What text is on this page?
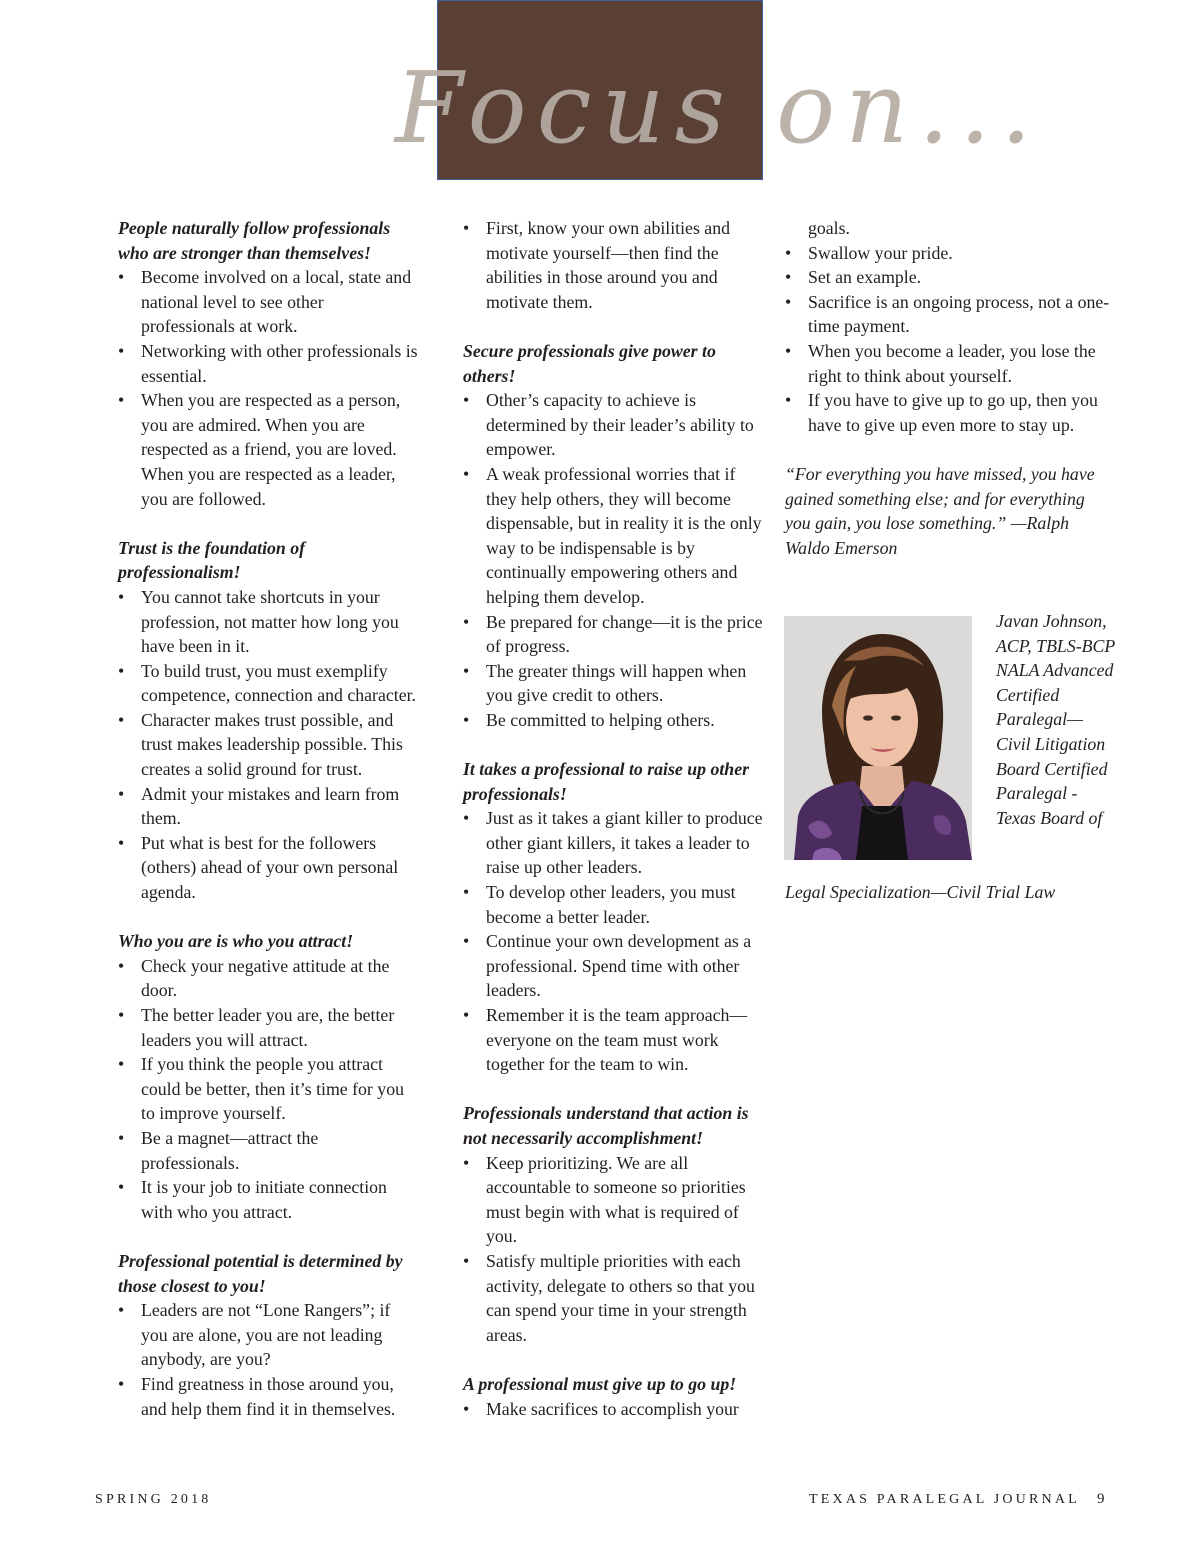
Focus on...
People naturally follow professionals who are stronger than themselves!
• Become involved on a local, state and national level to see other professionals at work.
• Networking with other professionals is essential.
• When you are respected as a person, you are admired. When you are respected as a friend, you are loved. When you are respected as a leader, you are followed.
Trust is the foundation of professionalism!
• You cannot take shortcuts in your profession, not matter how long you have been in it.
• To build trust, you must exemplify competence, connection and character.
• Character makes trust possible, and trust makes leadership possible. This creates a solid ground for trust.
• Admit your mistakes and learn from them.
• Put what is best for the followers (others) ahead of your own personal agenda.
Who you are is who you attract!
• Check your negative attitude at the door.
• The better leader you are, the better leaders you will attract.
• If you think the people you attract could be better, then it’s time for you to improve yourself.
• Be a magnet—attract the professionals.
• It is your job to initiate connection with who you attract.
Professional potential is determined by those closest to you!
• Leaders are not “Lone Rangers”; if you are alone, you are not leading anybody, are you?
• Find greatness in those around you, and help them find it in themselves.
• First, know your own abilities and motivate yourself—then find the abilities in those around you and motivate them.
Secure professionals give power to others!
• Other’s capacity to achieve is determined by their leader’s ability to empower.
• A weak professional worries that if they help others, they will become dispensable, but in reality it is the only way to be indispensable is by continually empowering others and helping them develop.
• Be prepared for change—it is the price of progress.
• The greater things will happen when you give credit to others.
• Be committed to helping others.
It takes a professional to raise up other professionals!
• Just as it takes a giant killer to produce other giant killers, it takes a leader to raise up other leaders.
• To develop other leaders, you must become a better leader.
• Continue your own development as a professional. Spend time with other leaders.
• Remember it is the team approach—everyone on the team must work together for the team to win.
Professionals understand that action is not necessarily accomplishment!
• Keep prioritizing. We are all accountable to someone so priorities must begin with what is required of you.
• Satisfy multiple priorities with each activity, delegate to others so that you can spend your time in your strength areas.
A professional must give up to go up!
• Make sacrifices to accomplish your
goals.
• Swallow your pride.
• Set an example.
• Sacrifice is an ongoing process, not a one-time payment.
• When you become a leader, you lose the right to think about yourself.
• If you have to give up to go up, then you have to give up even more to stay up.
“For everything you have missed, you have gained something else; and for everything you gain, you lose something.” —Ralph Waldo Emerson
Javan Johnson, ACP, TBLS-BCP NALA Advanced Certified Paralegal—Civil Litigation Board Certified Paralegal - Texas Board of
Legal Specialization—Civil Trial Law
SPRING 2018	TEXAS PARALEGAL JOURNAL 9
